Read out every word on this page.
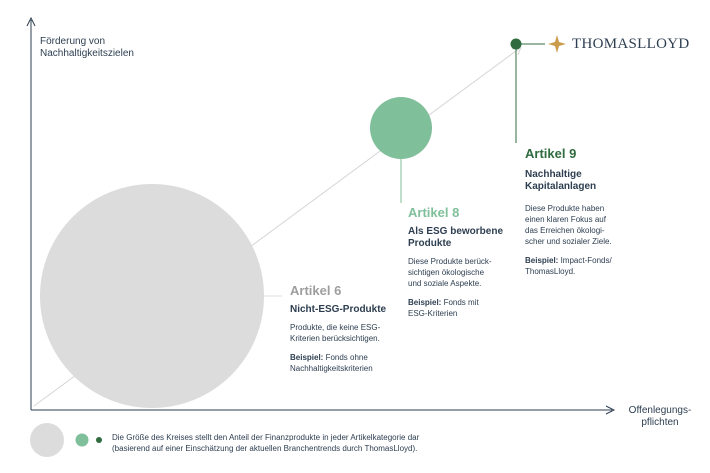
Förderung von
Nachhaltigkeitszielen
Offenlegungs-
pflichten
THOMASLLOYD
Artikel 6
Nicht-ESG-Produkte
Produkte, die keine ESG-
Kriterien berücksichtigen.
Beispiel: Fonds ohne
Nachhaltigkeitskriterien
Artikel 8
Als ESG beworbene
Produkte
Diese Produkte berück-
sichtigen ökologische
und soziale Aspekte.
Beispiel: Fonds mit
ESG-Kriterien
Artikel 9
Nachhaltige
Kapitalanlagen
Diese Produkte haben
einen klaren Fokus auf
das Erreichen ökologi-
scher und sozialer Ziele.
Beispiel: Impact-Fonds/
ThomasLloyd.
Die Größe des Kreises stellt den Anteil der Finanzprodukte in jeder Artikelkategorie dar
(basierend auf einer Einschätzung der aktuellen Branchentrends durch ThomasLloyd).
